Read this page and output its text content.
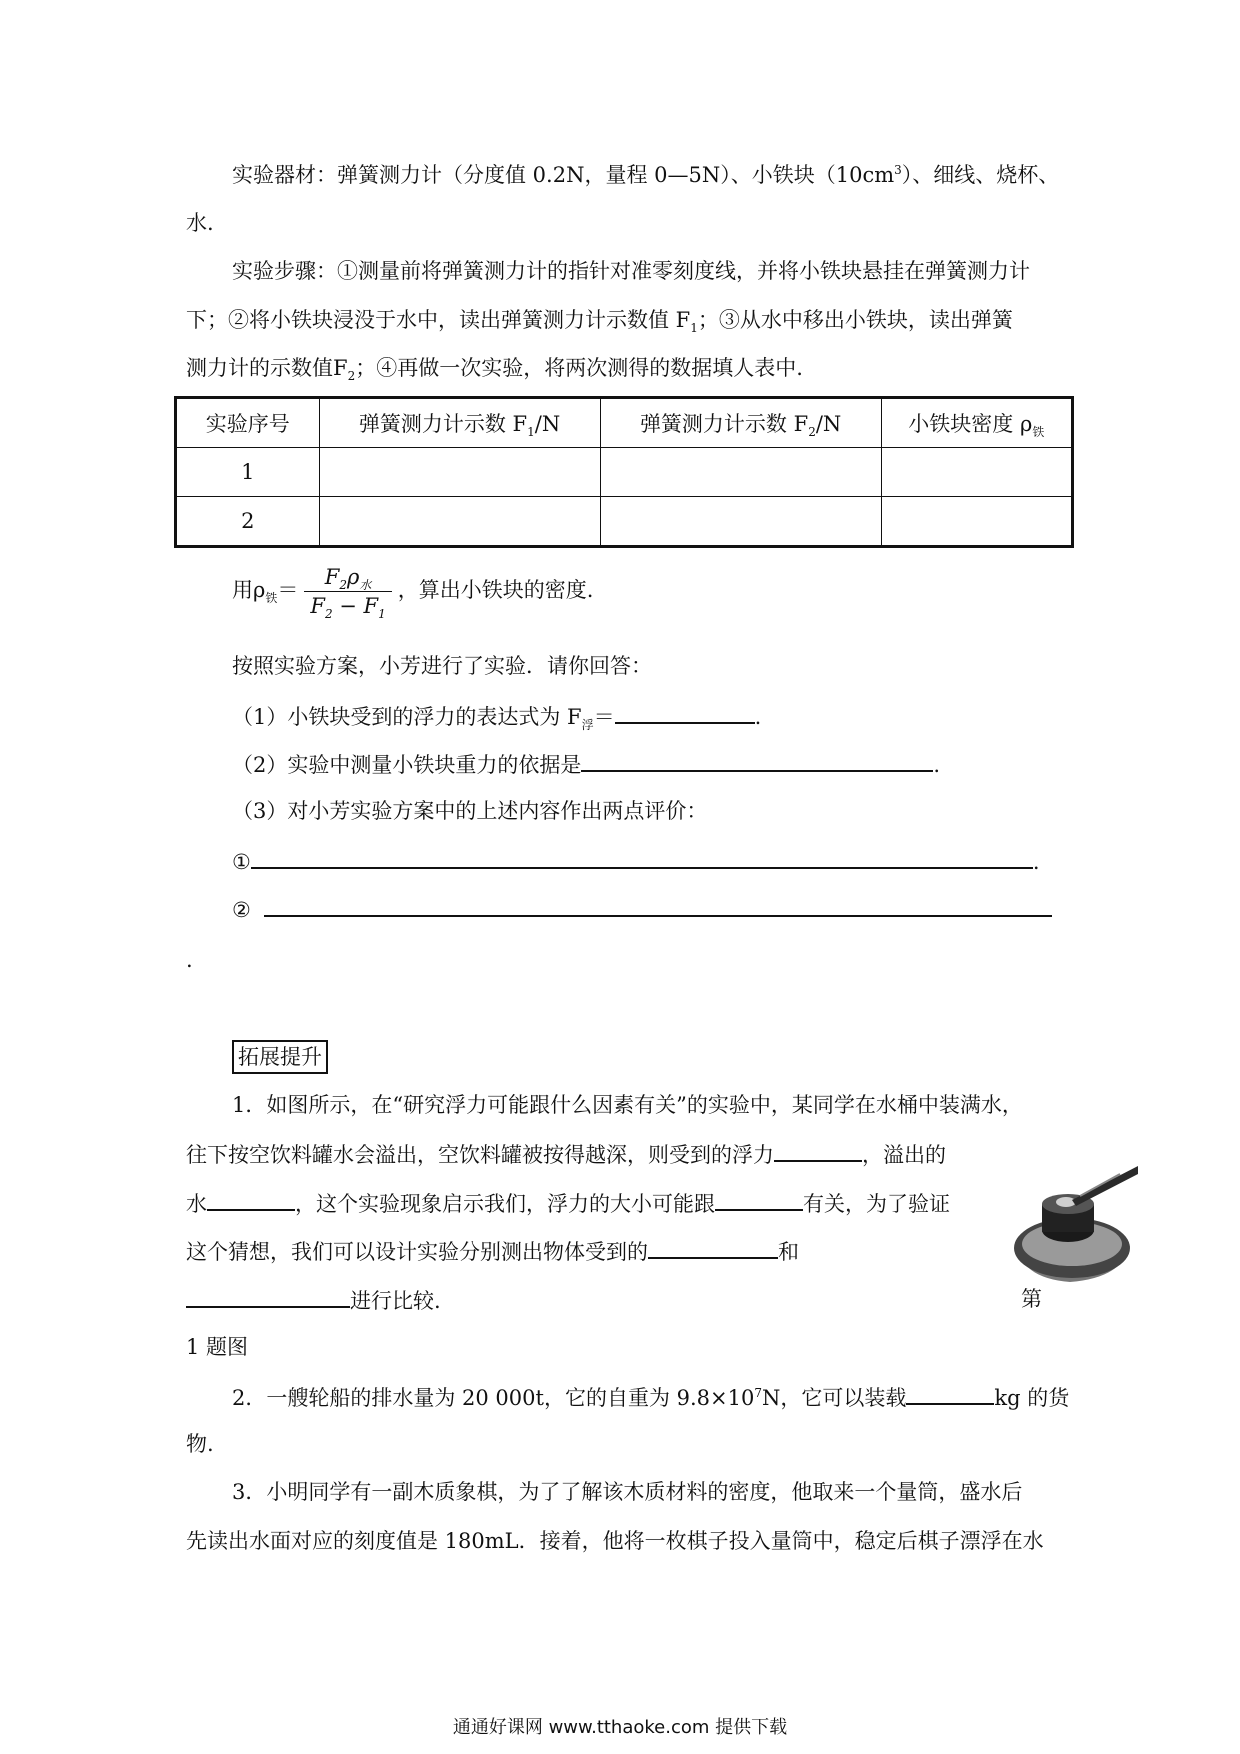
实验器材：弹簧测力计（分度值 0.2N，量程 0—5N）、小铁块$(10cm^3)$、细线、烧杯、
水.
实验步骤：①测量前将弹簧测力计的指针对准零刻度线，并将小铁块悬挂在弹簧测力计
下；②将小铁块浸没于水中，读出弹簧测力计示数值 $F_1$；③从水中移出小铁块，读出弹簧
测力计的示数值$F_2$；④再做一次实验，将两次测得的数据填人表中.
实验序号	弹簧测力计示数 $F_1/N$	弹簧测力计示数 $F_2/N$	小铁块密度 $\rho_铁$
1			
2			
用$\rho_铁= \frac{F_2\rho_水}{F_2 - F_1}$ ，算出小铁块的密度.
按照实验方案，小芳进行了实验．请你回答：
（1）小铁块受到的浮力的表达式为 $F_浮=$	.
（2）实验中测量小铁块重力的依据是	.
（3）对小芳实验方案中的上述内容作出两点评价：
①	.
②
.
拓展提升
1．如图所示，在“研究浮力可能跟什么因素有关”的实验中，某同学在水桶中装满水，
往下按空饮料罐水会溢出，空饮料罐被按得越深，则受到的浮力	，溢出的
水	，这个实验现象启示我们，浮力的大小可能跟	有关，为了验证
这个猜想，我们可以设计实验分别测出物体受到的	和
进行比较.	第
1 题图
2．一艘轮船的排水量为 20 000t，它的自重为 $9.8\times 10^7N$，它可以装载	kg 的货
物.
3．小明同学有一副木质象棋，为了了解该木质材料的密度，他取来一个量筒，盛水后
先读出水面对应的刻度值是 180mL．接着，他将一枚棋子投入量筒中，稳定后棋子漂浮在水
通通好课网 www.tthaoke.com 提供下载
